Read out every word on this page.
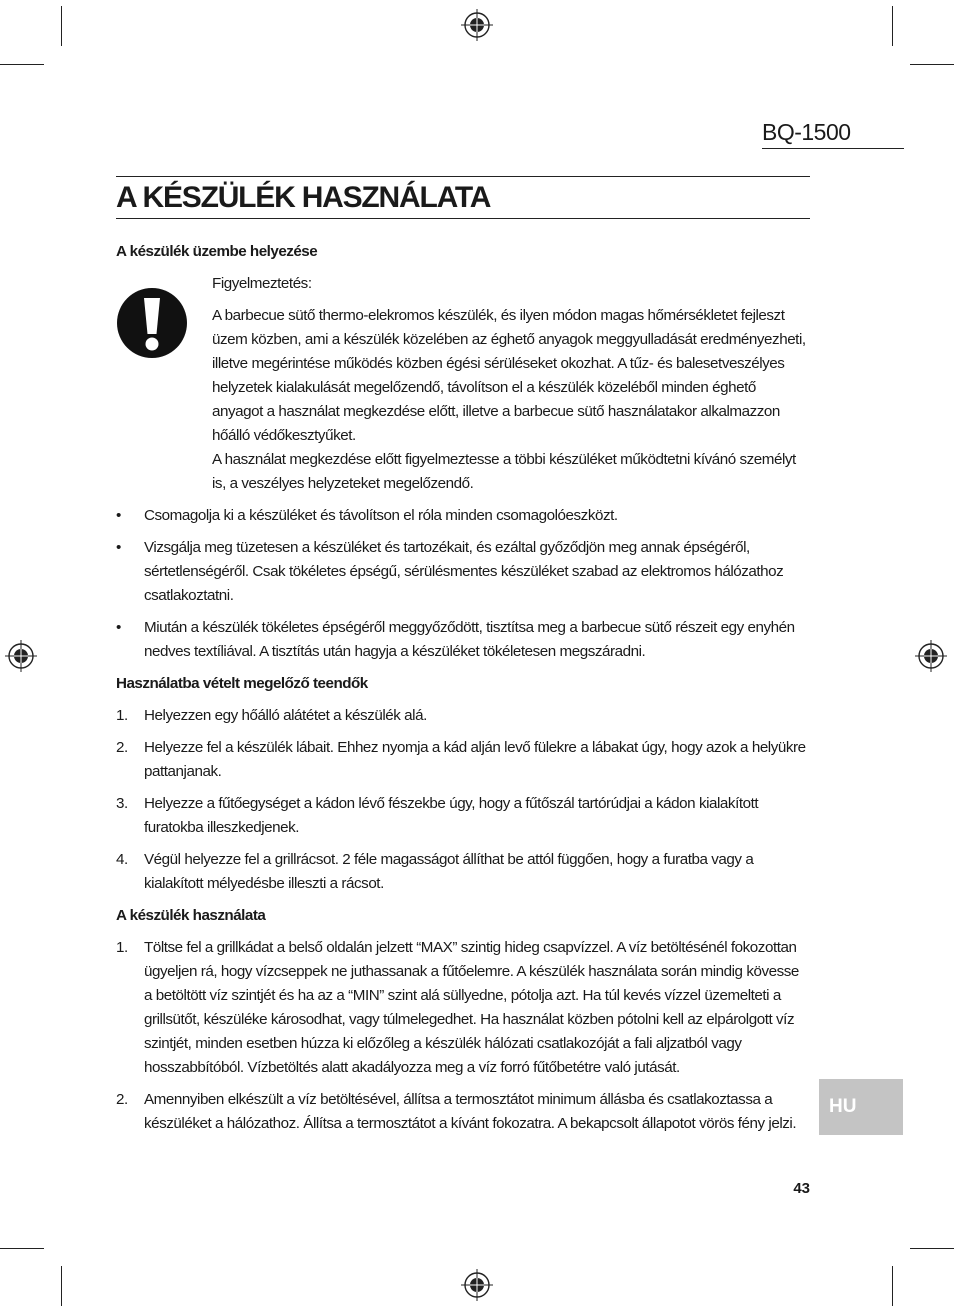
BQ-1500
A KÉSZÜLÉK HASZNÁLATA
A készülék üzembe helyezése

Figyelmeztetés:

A barbecue sütő thermo-elekromos készülék, és ilyen módon magas hőmérsékletet fejleszt üzem közben, ami a készülék közelében az éghető anyagok meggyulladását eredményezheti, illetve megérintése működés közben égési sérüléseket okozhat. A tűz- és balesetveszélyes helyzetek kialakulását megelőzendő, távolítson el a készülék közeléből minden éghető anyagot a használat megkezdése előtt, illetve a barbecue sütő használatakor alkalmazzon hőálló védőkesztyűket.

A használat megkezdése előtt figyelmeztesse a többi készüléket működtetni kívánó személyt is, a veszélyes helyzeteket megelőzendő.

•	Csomagolja ki a készüléket és távolítson el róla minden csomagolóeszközt.
•	Vizsgálja meg tüzetesen a készüléket és tartozékait, és ezáltal győződjön meg annak épségéről, sértetlenségéről. Csak tökéletes épségű, sérülésmentes készüléket szabad az elektromos hálózathoz csatlakoztatni.
•	Miután a készülék tökéletes épségéről meggyőződött, tisztítsa meg a barbecue sütő részeit egy enyhén nedves textíliával. A tisztítás után hagyja a készüléket tökéletesen megszáradni.
Használatba vételt megelőző teendők
1.	Helyezzen egy hőálló alátétet a készülék alá.
2.	Helyezze fel a készülék lábait. Ehhez nyomja a kád alján levő fülekre a lábakat úgy, hogy azok a helyükre pattanjanak.
3.	Helyezze a fűtőegységet a kádon lévő fészekbe úgy, hogy a fűtőszál tartórúdjai a kádon kialakított furatokba illeszkedjenek.
4.	Végül helyezze fel a grillrácsot. 2 féle magasságot állíthat be attól függően, hogy a furatba vagy a kialakított mélyedésbe illeszti a rácsot.
A készülék használata
1.	Töltse fel a grillkádat a belső oldalán jelzett “MAX” szintig hideg csapvízzel. A víz betöltésénél fokozottan ügyeljen rá, hogy vízcseppek ne juthassanak a fűtőelemre. A készülék használata során mindig kövesse a betöltött víz szintjét és ha az a “MIN” szint alá süllyedne, pótolja azt. Ha túl kevés vízzel üzemelteti a grillsütőt, készüléke károsodhat, vagy túlmelegedhet. Ha használat közben pótolni kell az elpárolgott víz szintjét, minden esetben húzza ki előzőleg a készülék hálózati csatlakozóját a fali aljzatból vagy hosszabbítóból. Vízbetöltés alatt akadályozza meg a víz forró fűtőbetétre való jutását.
2.	Amennyiben elkészült a víz betöltésével, állítsa a termosztátot minimum állásba és csatlakoztassa a készüléket a hálózathoz. Állítsa a termosztátot a kívánt fokozatra. A bekapcsolt állapotot vörös fény jelzi.
HU
43
